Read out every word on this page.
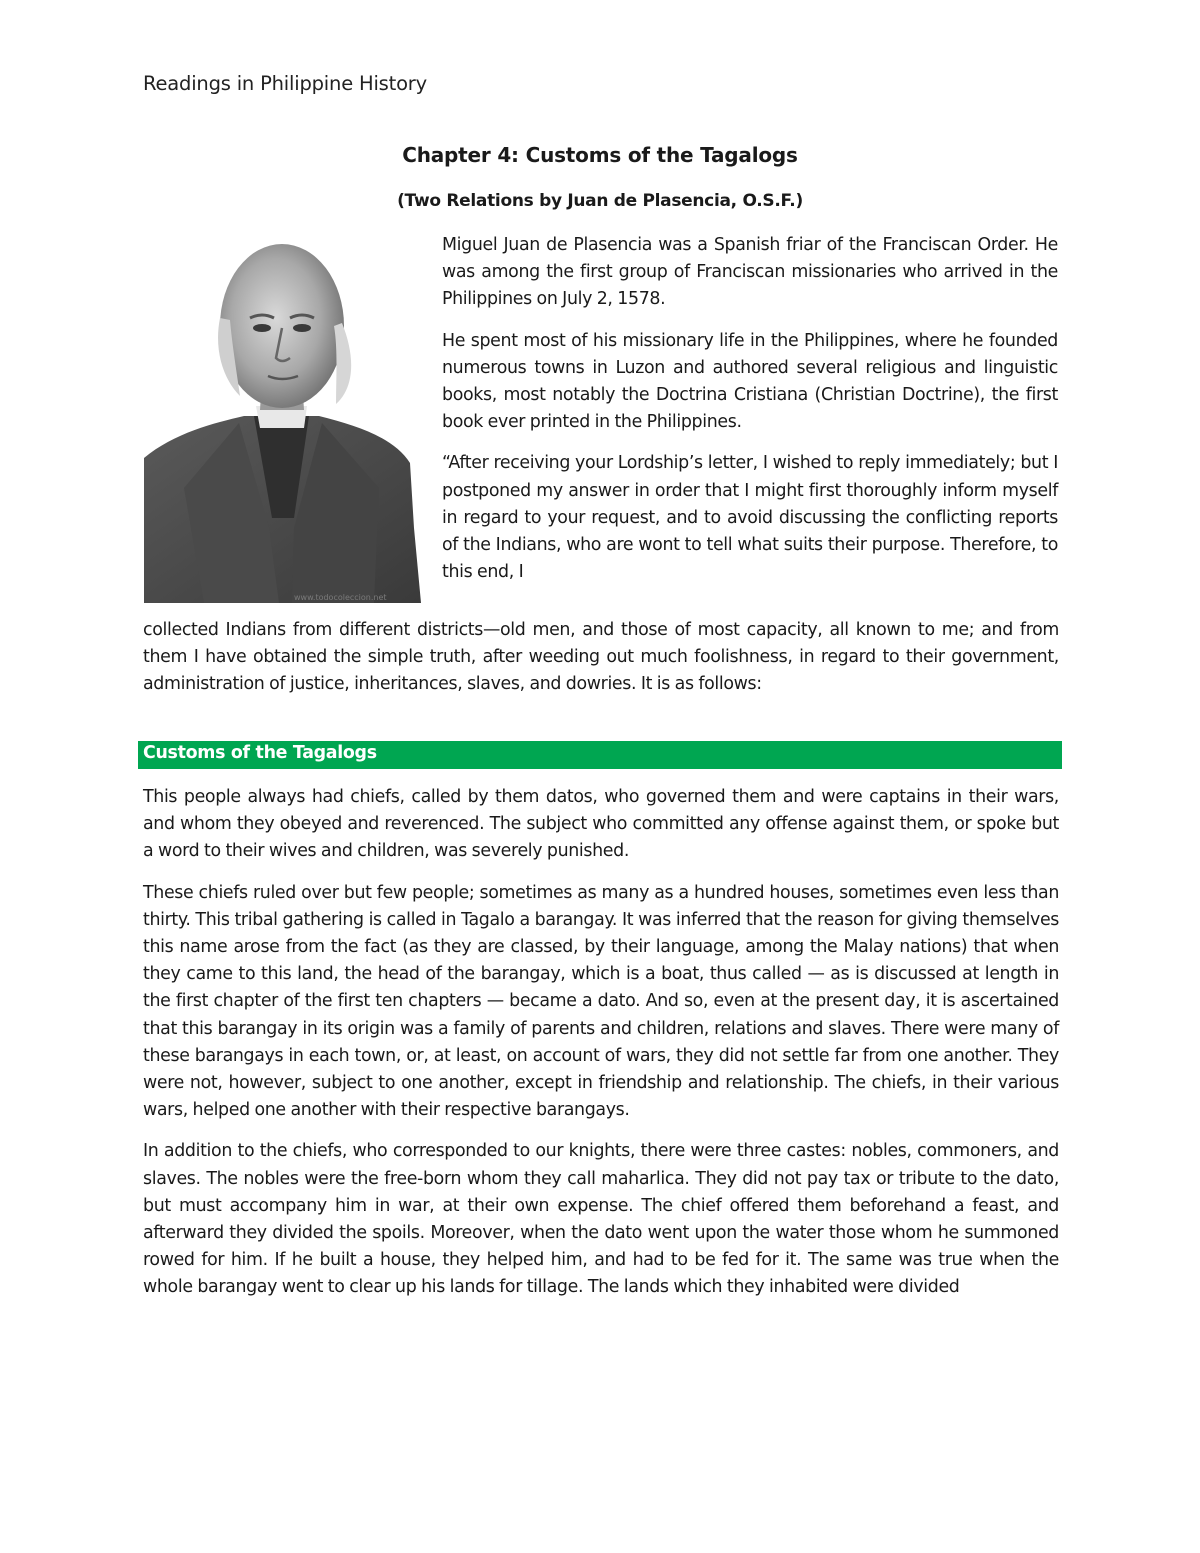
Readings in Philippine History
Chapter 4: Customs of the Tagalogs
(Two Relations by Juan de Plasencia, O.S.F.)
www.todocoleccion.net

Miguel Juan de Plasencia was a Spanish friar of the Franciscan Order. He was among the first group of Franciscan missionaries who arrived in the Philippines on July 2, 1578.

He spent most of his missionary life in the Philippines, where he founded numerous towns in Luzon and authored several religious and linguistic books, most notably the Doctrina Cristiana (Christian Doctrine), the first book ever printed in the Philippines.

“After receiving your Lordship’s letter, I wished to reply immediately; but I postponed my answer in order that I might first thoroughly inform myself in regard to your request, and to avoid discussing the conflicting reports of the Indians, who are wont to tell what suits their purpose. Therefore, to this end, I

collected Indians from different districts—old men, and those of most capacity, all known to me; and from them I have obtained the simple truth, after weeding out much foolishness, in regard to their government, administration of justice, inheritances, slaves, and dowries. It is as follows:

Customs of the Tagalogs

This people always had chiefs, called by them datos, who governed them and were captains in their wars, and whom they obeyed and reverenced. The subject who committed any offense against them, or spoke but a word to their wives and children, was severely punished.

These chiefs ruled over but few people; sometimes as many as a hundred houses, sometimes even less than thirty. This tribal gathering is called in Tagalo a barangay. It was inferred that the reason for giving themselves this name arose from the fact (as they are classed, by their language, among the Malay nations) that when they came to this land, the head of the barangay, which is a boat, thus called — as is discussed at length in the first chapter of the first ten chapters — became a dato. And so, even at the present day, it is ascertained that this barangay in its origin was a family of parents and children, relations and slaves. There were many of these barangays in each town, or, at least, on account of wars, they did not settle far from one another. They were not, however, subject to one another, except in friendship and relationship. The chiefs, in their various wars, helped one another with their respective barangays.

In addition to the chiefs, who corresponded to our knights, there were three castes: nobles, commoners, and slaves. The nobles were the free-born whom they call maharlica. They did not pay tax or tribute to the dato, but must accompany him in war, at their own expense. The chief offered them beforehand a feast, and afterward they divided the spoils. Moreover, when the dato went upon the water those whom he summoned rowed for him. If he built a house, they helped him, and had to be fed for it. The same was true when the whole barangay went to clear up his lands for tillage. The lands which they inhabited were divided
